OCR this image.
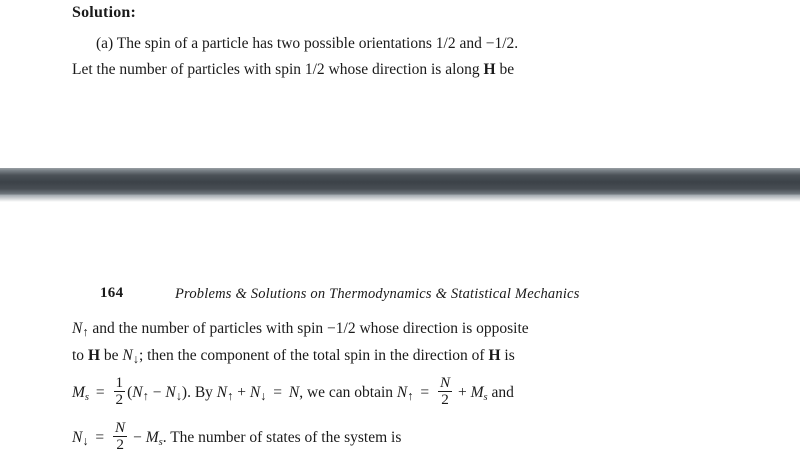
Solution:
(a) The spin of a particle has two possible orientations 1/2 and −1/2.
Let the number of particles with spin 1/2 whose direction is along H be
164	Problems & Solutions on Thermodynamics & Statistical Mechanics
$N_↑$ and the number of particles with spin −1/2 whose direction is opposite
to H be $N_↓$; then the component of the total spin in the direction of H is
$M_s = \frac{1}{2} (N_↑ - N_↓)$. By $N_↑ + N_↓ = N$, we can obtain $N_↑ = \frac{N}{2} + M_s$ and
$N_↓ = \frac{N}{2} - M_s$. The number of states of the system is
